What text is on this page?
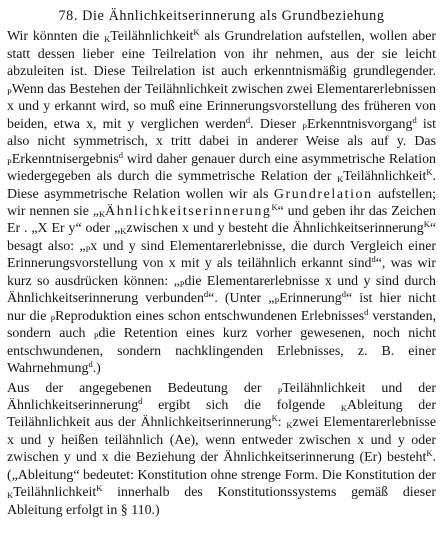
78. Die Ähnlichkeitserinnerung als Grundbeziehung

Wir könnten die $_K$Teilähnlichkeit$^K$ als Grundrelation aufstellen, wollen aber statt dessen lieber eine Teilrelation von ihr nehmen, aus der sie leicht abzuleiten ist. Diese Teilrelation ist auch erkenntnismäßig grundlegender. $_P$Wenn das Bestehen der Teilähnlichkeit zwischen zwei Elementarerlebnissen x und y erkannt wird, so muß eine Erinnerungsvorstellung des früheren von beiden, etwa x, mit y verglichen werden$^d$. Dieser $_P$Erkenntnisvorgang$^d$ ist also nicht symmetrisch, x tritt dabei in anderer Weise als auf y. Das $_P$Erkenntnisergebnis$^d$ wird daher genauer durch eine asymmetrische Relation wiedergegeben als durch die symmetrische Relation der $_K$Teilähnlichkeit$^K$. Diese asymmetrische Relation wollen wir als Grundrelation aufstellen; wir nennen sie $„_KÄhnlichkeitserinnerung^K“$ und geben ihr das Zeichen Er . „X Er y“ oder $„_Kzwischen$ x und y besteht die Ähnlichkeitserinnerung$^K$“ besagt also: $„_Px$ und y sind Elementarerlebnisse, die durch Vergleich einer Erinnerungsvorstellung von x mit y als teilähnlich erkannt sind$^d$“, was wir kurz so ausdrücken können: $„_Pdie$ Elementarerlebnisse x und y sind durch Ähnlichkeitserinnerung verbunden$^d$“. (Unter $„_PErinnerung^d“$ ist hier nicht nur die $_P$Reproduktion eines schon entschwundenen Erlebnisses$^d$ verstanden, sondern auch $_P$die Retention eines kurz vorher gewesenen, noch nicht entschwundenen, sondern nachklingenden Erlebnisses, z. B. einer Wahrnehmung$^d$.)

Aus der angegebenen Bedeutung der $_P$Teilähnlichkeit und der Ähnlichkeitserinnerung$^d$ ergibt sich die folgende $_K$Ableitung der Teilähnlichkeit aus der Ähnlichkeitserinnerung$^K$: $_K$zwei Elementarerlebnisse x und y heißen teilähnlich (Ae), wenn entweder zwischen x und y oder zwischen y und x die Beziehung der Ähnlichkeitserinnerung (Er) besteht$^K$. („Ableitung“ bedeutet: Konstitution ohne strenge Form. Die Konstitution der $_K$Teilähnlichkeit$^K$ innerhalb des Konstitutionssystems gemäß dieser Ableitung erfolgt in § 110.)
